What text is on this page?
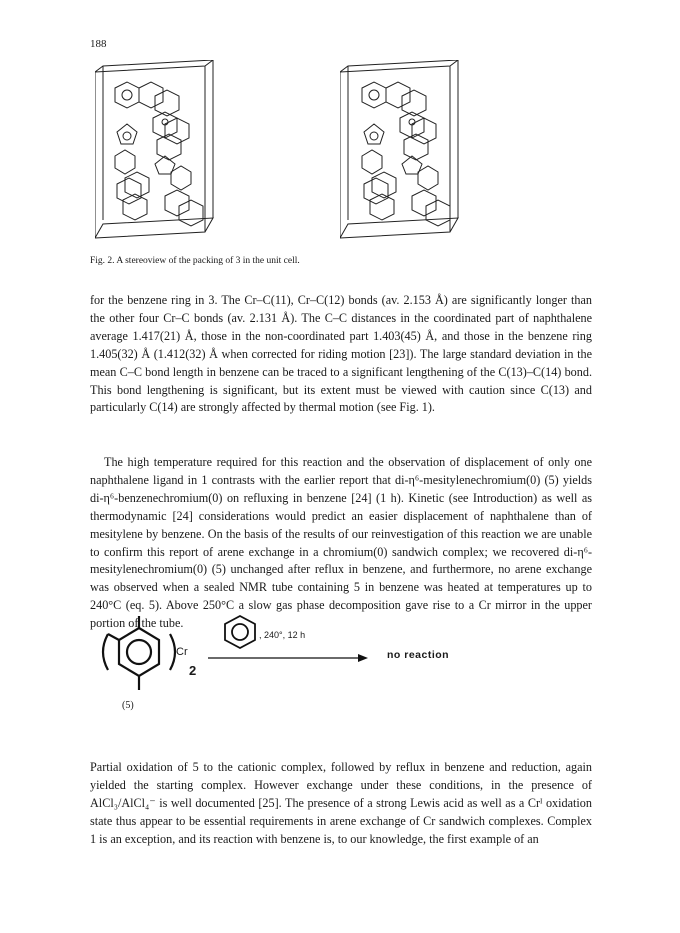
188
Fig. 2. A stereoview of the packing of 3 in the unit cell.

for the benzene ring in 3. The Cr–C(11), Cr–C(12) bonds (av. 2.153 Å) are significantly longer than the other four Cr–C bonds (av. 2.131 Å). The C–C distances in the coordinated part of naphthalene average 1.417(21) Å, those in the non-coordinated part 1.403(45) Å, and those in the benzene ring 1.405(32) Å (1.412(32) Å when corrected for riding motion [23]). The large standard deviation in the mean C–C bond length in benzene can be traced to a significant lengthening of the C(13)–C(14) bond. This bond lengthening is significant, but its extent must be viewed with caution since C(13) and particularly C(14) are strongly affected by thermal motion (see Fig. 1).

The high temperature required for this reaction and the observation of displacement of only one naphthalene ligand in 1 contrasts with the earlier report that di-η⁶-mesitylenechromium(0) (5) yields di-η⁶-benzenechromium(0) on refluxing in benzene [24] (1 h). Kinetic (see Introduction) as well as thermodynamic [24] considerations would predict an easier displacement of naphthalene than of mesitylene by benzene. On the basis of the results of our reinvestigation of this reaction we are unable to confirm this report of arene exchange in a chromium(0) sandwich complex; we recovered di-η⁶-mesitylenechromium(0) (5) unchanged after reflux in benzene, and furthermore, no arene exchange was observed when a sealed NMR tube containing 5 in benzene was heated at temperatures up to 240°C (eq. 5). Above 250°C a slow gas phase decomposition gave rise to a Cr mirror in the upper portion of the tube.

Cr
2
(5)
, 240°, 12 h
no reaction

Partial oxidation of 5 to the cationic complex, followed by reflux in benzene and reduction, again yielded the starting complex. However exchange under these conditions, in the presence of AlCl₃/AlCl₄⁻ is well documented [25]. The presence of a strong Lewis acid as well as a Crᴵ oxidation state thus appear to be essential requirements in arene exchange of Cr sandwich complexes. Complex 1 is an exception, and its reaction with benzene is, to our knowledge, the first example of an
